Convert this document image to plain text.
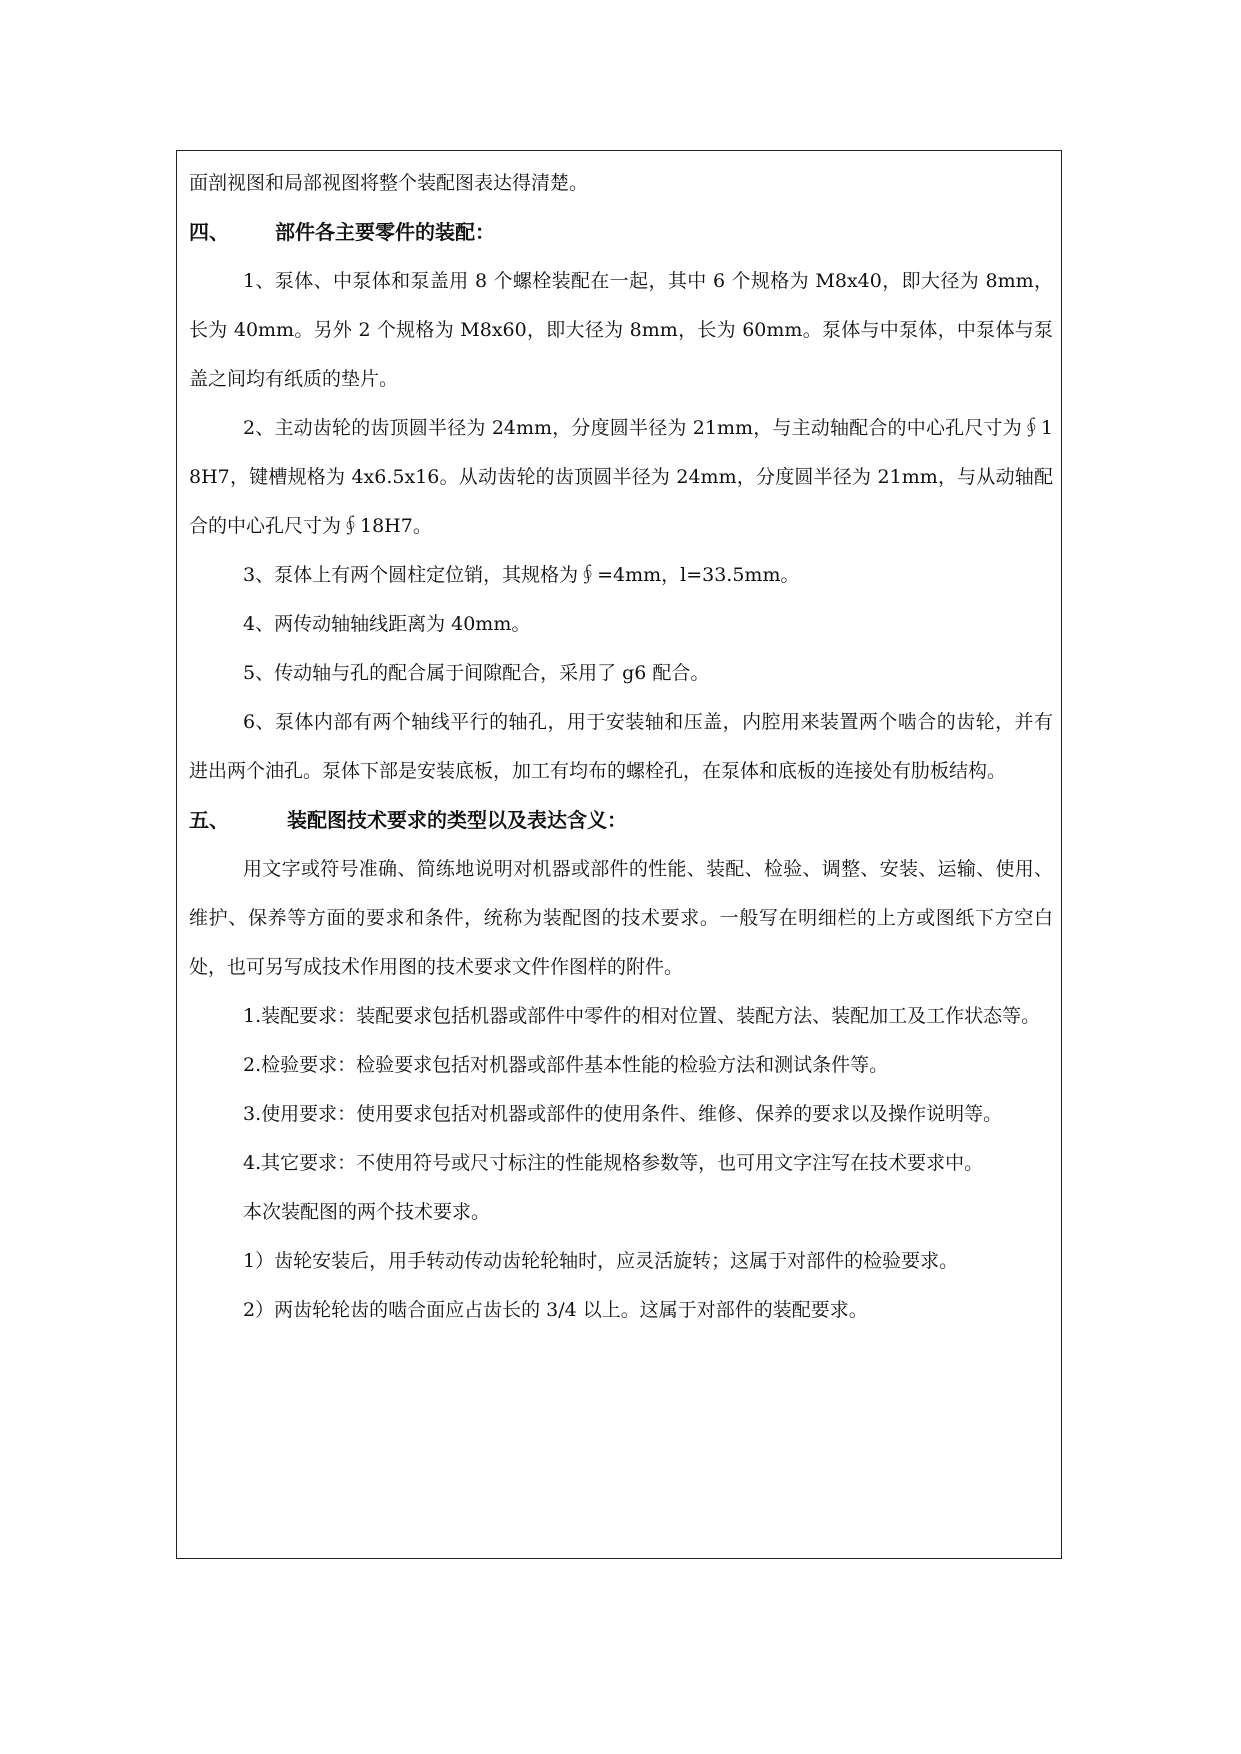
面剖视图和局部视图将整个装配图表达得清楚。

四、 部件各主要零件的装配：

1、泵体、中泵体和泵盖用 8 个螺栓装配在一起，其中 6 个规格为 M8x40，即大径为 8mm，长为 40mm。另外 2 个规格为 M8x60，即大径为 8mm，长为 60mm。泵体与中泵体，中泵体与泵盖之间均有纸质的垫片。

2、主动齿轮的齿顶圆半径为 24mm，分度圆半径为 21mm，与主动轴配合的中心孔尺寸为∮18H7，键槽规格为 4x6.5x16。从动齿轮的齿顶圆半径为 24mm，分度圆半径为 21mm，与从动轴配合的中心孔尺寸为∮18H7。

3、泵体上有两个圆柱定位销，其规格为∮=4mm，l=33.5mm。

4、两传动轴轴线距离为 40mm。

5、传动轴与孔的配合属于间隙配合，采用了 g6 配合。

6、泵体内部有两个轴线平行的轴孔，用于安装轴和压盖，内腔用来装置两个啮合的齿轮，并有进出两个油孔。泵体下部是安装底板，加工有均布的螺栓孔，在泵体和底板的连接处有肋板结构。

五、	装配图技术要求的类型以及表达含义：

用文字或符号准确、简练地说明对机器或部件的性能、装配、检验、调整、安装、运输、使用、维护、保养等方面的要求和条件，统称为装配图的技术要求。一般写在明细栏的上方或图纸下方空白处，也可另写成技术作用图的技术要求文件作图样的附件。

1.装配要求：装配要求包括机器或部件中零件的相对位置、装配方法、装配加工及工作状态等。

2.检验要求：检验要求包括对机器或部件基本性能的检验方法和测试条件等。

3.使用要求：使用要求包括对机器或部件的使用条件、维修、保养的要求以及操作说明等。

4.其它要求：不使用符号或尺寸标注的性能规格参数等，也可用文字注写在技术要求中。

本次装配图的两个技术要求。

1）齿轮安装后，用手转动传动齿轮轮轴时，应灵活旋转；这属于对部件的检验要求。

2）两齿轮轮齿的啮合面应占齿长的 3/4 以上。这属于对部件的装配要求。
